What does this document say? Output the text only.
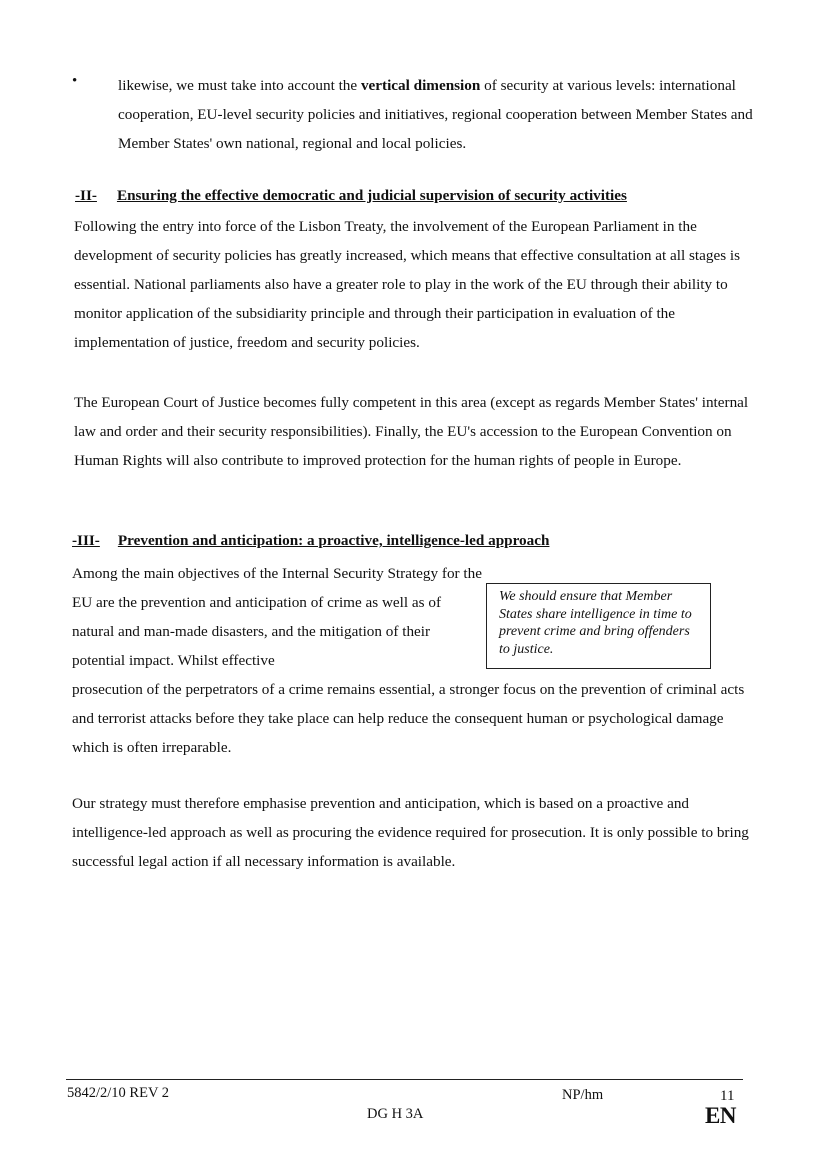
•	likewise, we must take into account the vertical dimension of security at various levels: international cooperation, EU-level security policies and initiatives, regional cooperation between Member States and Member States' own national, regional and local policies.
-II- Ensuring the effective democratic and judicial supervision of security activities
Following the entry into force of the Lisbon Treaty, the involvement of the European Parliament in the development of security policies has greatly increased, which means that effective consultation at all stages is essential. National parliaments also have a greater role to play in the work of the EU through their ability to monitor application of the subsidiarity principle and through their participation in evaluation of the implementation of justice, freedom and security policies.
The European Court of Justice becomes fully competent in this area (except as regards Member States' internal law and order and their security responsibilities). Finally, the EU's accession to the European Convention on Human Rights will also contribute to improved protection for the human rights of people in Europe.
-III- Prevention and anticipation: a proactive, intelligence-led approach
Among the main objectives of the Internal Security Strategy for the EU are the prevention and anticipation of crime as well as of natural and man-made disasters, and the mitigation of their potential impact. Whilst effective
We should ensure that Member States share intelligence in time to prevent crime and bring offenders to justice.
prosecution of the perpetrators of a crime remains essential, a stronger focus on the prevention of criminal acts and terrorist attacks before they take place can help reduce the consequent human or psychological damage which is often irreparable.
Our strategy must therefore emphasise prevention and anticipation, which is based on a proactive and intelligence-led approach as well as procuring the evidence required for prosecution. It is only possible to bring successful legal action if all necessary information is available.
5842/2/10 REV 2	NP/hm	11
DG H 3A	EN
